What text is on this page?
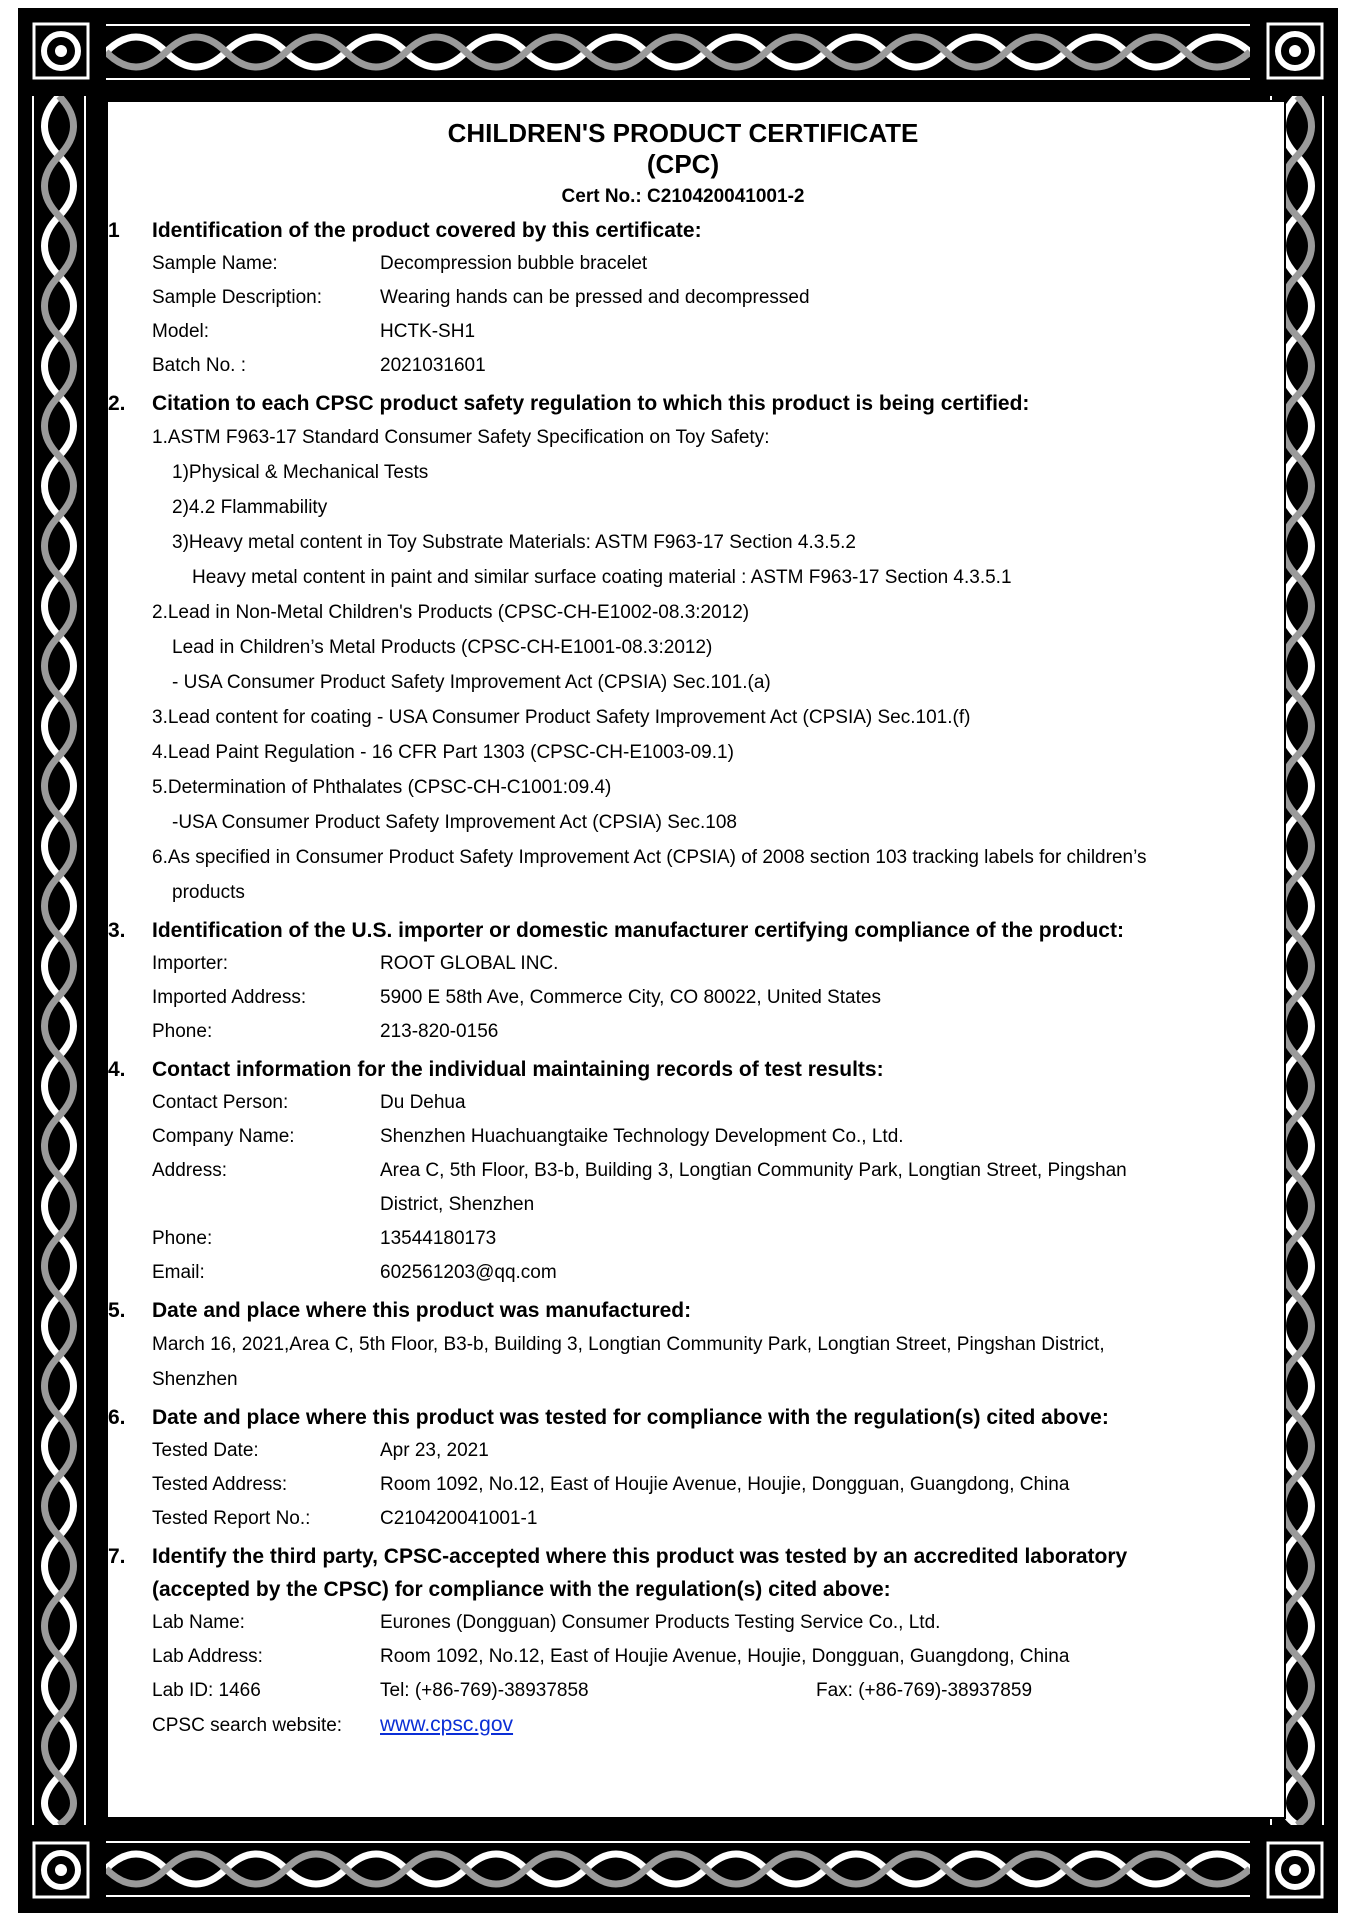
CHILDREN'S PRODUCT CERTIFICATE
(CPC)
Cert No.: C210420041001-2
1 Identification of the product covered by this certificate:
Sample Name:	Decompression bubble bracelet
Sample Description:	Wearing hands can be pressed and decompressed
Model:	HCTK-SH1
Batch No. :	2021031601
2. Citation to each CPSC product safety regulation to which this product is being certified:
1.ASTM F963-17 Standard Consumer Safety Specification on Toy Safety:
1)Physical & Mechanical Tests
2)4.2 Flammability
3)Heavy metal content in Toy Substrate Materials: ASTM F963-17 Section 4.3.5.2
Heavy metal content in paint and similar surface coating material : ASTM F963-17 Section 4.3.5.1
2.Lead in Non-Metal Children's Products (CPSC-CH-E1002-08.3:2012)
Lead in Children’s Metal Products (CPSC-CH-E1001-08.3:2012)
- USA Consumer Product Safety Improvement Act (CPSIA) Sec.101.(a)
3.Lead content for coating - USA Consumer Product Safety Improvement Act (CPSIA) Sec.101.(f)
4.Lead Paint Regulation - 16 CFR Part 1303 (CPSC-CH-E1003-09.1)
5.Determination of Phthalates (CPSC-CH-C1001:09.4)
-USA Consumer Product Safety Improvement Act (CPSIA) Sec.108
6.As specified in Consumer Product Safety Improvement Act (CPSIA) of 2008 section 103 tracking labels for children’s
products
3. Identification of the U.S. importer or domestic manufacturer certifying compliance of the product:
Importer:	ROOT GLOBAL INC.
Imported Address:	5900 E 58th Ave, Commerce City, CO 80022, United States
Phone:	213-820-0156
4. Contact information for the individual maintaining records of test results:
Contact Person:	Du Dehua
Company Name:	Shenzhen Huachuangtaike Technology Development Co., Ltd.
Address:	Area C, 5th Floor, B3-b, Building 3, Longtian Community Park, Longtian Street, Pingshan
District, Shenzhen
Phone:	13544180173
Email:	602561203@qq.com
5. Date and place where this product was manufactured:
March 16, 2021,Area C, 5th Floor, B3-b, Building 3, Longtian Community Park, Longtian Street, Pingshan District,
Shenzhen
6. Date and place where this product was tested for compliance with the regulation(s) cited above:
Tested Date:	Apr 23, 2021
Tested Address:	Room 1092, No.12, East of Houjie Avenue, Houjie, Dongguan, Guangdong, China
Tested Report No.:	C210420041001-1
7. Identify the third party, CPSC-accepted where this product was tested by an accredited laboratory
(accepted by the CPSC) for compliance with the regulation(s) cited above:
Lab Name:	Eurones (Dongguan) Consumer Products Testing Service Co., Ltd.
Lab Address:	Room 1092, No.12, East of Houjie Avenue, Houjie, Dongguan, Guangdong, China
Lab ID: 1466	Tel: (+86-769)-38937858	Fax: (+86-769)-38937859
CPSC search website: www.cpsc.gov
